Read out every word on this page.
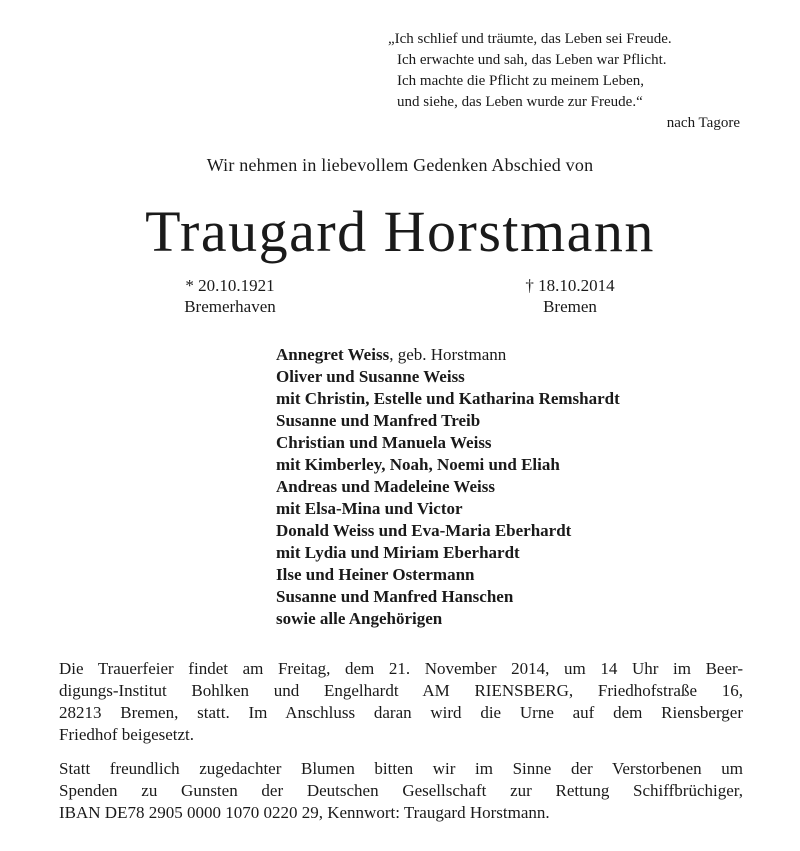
„Ich schlief und träumte, das Leben sei Freude.
Ich erwachte und sah, das Leben war Pflicht.
Ich machte die Pflicht zu meinem Leben,
und siehe, das Leben wurde zur Freude.“
nach Tagore
Wir nehmen in liebevollem Gedenken Abschied von
Traugard Horstmann
* 20.10.1921
Bremerhaven
† 18.10.2014
Bremen
Annegret Weiss, geb. Horstmann
Oliver und Susanne Weiss
mit Christin, Estelle und Katharina Remshardt
Susanne und Manfred Treib
Christian und Manuela Weiss
mit Kimberley, Noah, Noemi und Eliah
Andreas und Madeleine Weiss
mit Elsa-Mina und Victor
Donald Weiss und Eva-Maria Eberhardt
mit Lydia und Miriam Eberhardt
Ilse und Heiner Ostermann
Susanne und Manfred Hanschen
sowie alle Angehörigen
Die Trauerfeier findet am Freitag, dem 21. November 2014, um 14 Uhr im Beer-
digungs-Institut Bohlken und Engelhardt AM RIENSBERG, Friedhofstraße 16,
28213 Bremen, statt. Im Anschluss daran wird die Urne auf dem Riensberger
Friedhof beigesetzt.
Statt freundlich zugedachter Blumen bitten wir im Sinne der Verstorbenen um
Spenden zu Gunsten der Deutschen Gesellschaft zur Rettung Schiffbrüchiger,
IBAN DE78 2905 0000 1070 0220 29, Kennwort: Traugard Horstmann.
